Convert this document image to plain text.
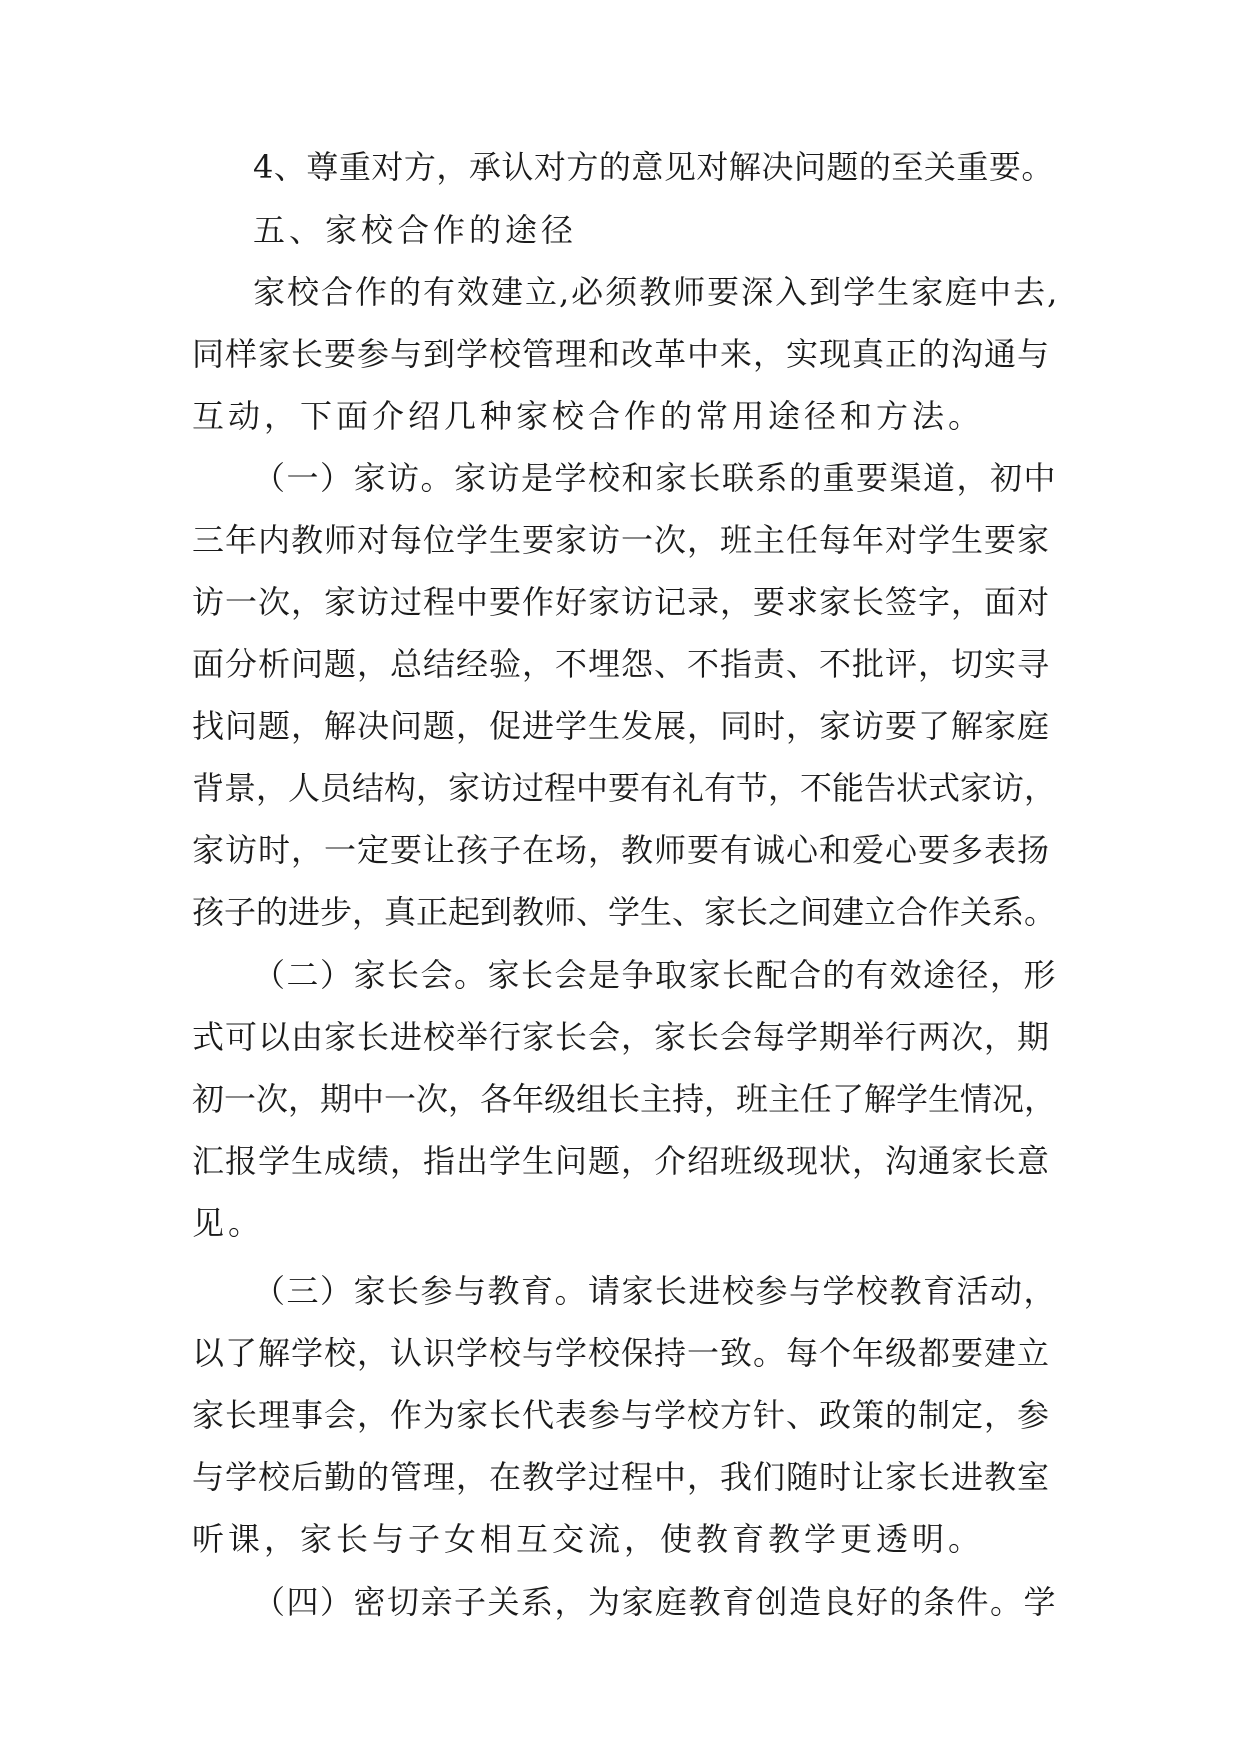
4、尊重对方，承认对方的意见对解决问题的至关重要。
五、家校合作的途径
家校合作的有效建立,必须教师要深入到学生家庭中去,
同样家长要参与到学校管理和改革中来，实现真正的沟通与
互动，下面介绍几种家校合作的常用途径和方法。
（一）家访。家访是学校和家长联系的重要渠道，初中
三年内教师对每位学生要家访一次，班主任每年对学生要家
访一次，家访过程中要作好家访记录，要求家长签字，面对
面分析问题，总结经验，不埋怨、不指责、不批评，切实寻
找问题，解决问题，促进学生发展，同时，家访要了解家庭
背景，人员结构，家访过程中要有礼有节，不能告状式家访，
家访时，一定要让孩子在场，教师要有诚心和爱心要多表扬
孩子的进步，真正起到教师、学生、家长之间建立合作关系。
（二）家长会。家长会是争取家长配合的有效途径，形
式可以由家长进校举行家长会，家长会每学期举行两次，期
初一次，期中一次，各年级组长主持，班主任了解学生情况，
汇报学生成绩，指出学生问题，介绍班级现状，沟通家长意
见。
（三）家长参与教育。请家长进校参与学校教育活动，
以了解学校，认识学校与学校保持一致。每个年级都要建立
家长理事会，作为家长代表参与学校方针、政策的制定，参
与学校后勤的管理，在教学过程中，我们随时让家长进教室
听课，家长与子女相互交流，使教育教学更透明。
（四）密切亲子关系，为家庭教育创造良好的条件。学
